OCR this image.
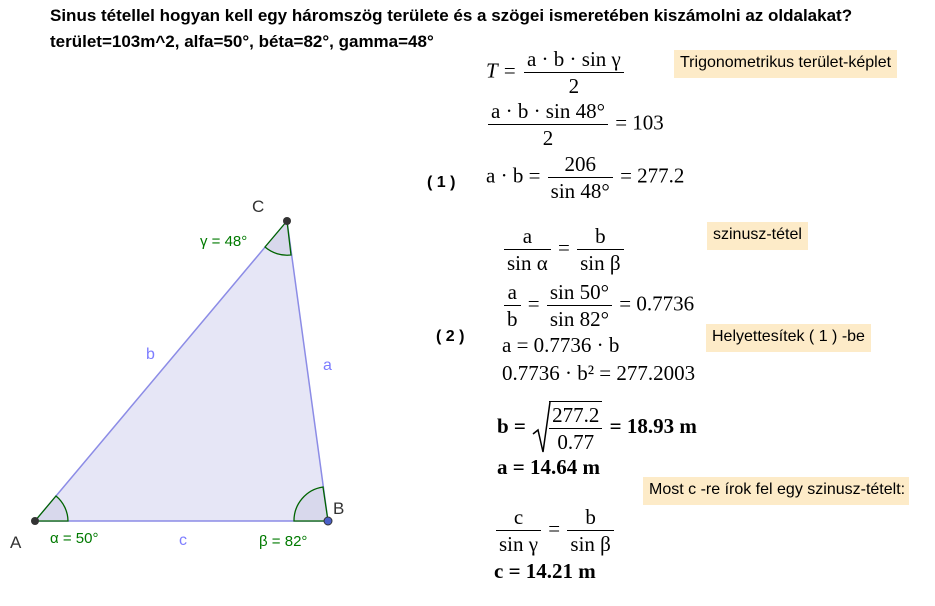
Sinus tétellel hogyan kell egy háromszög területe és a szögei ismeretében kiszámolni az oldalakat?
terület=103m^2, alfa=50°, béta=82°, gamma=48°
A
B
C
a
b
c
α = 50°	β = 82°
γ = 48°
( 1 )
( 2 )
$T = \frac{\text{a · b · sin γ}}{2}$
$\frac{a \cdot b \cdot \sin 48^\circ}{2} = 103$
$a \cdot b = \frac{206}{\sin 48^\circ} = 277.2$
$\frac{a}{\text{sin α}} = \frac{b}{\text{sin β}}$
$\frac{a}{b} = \frac{\sin 50^\circ}{\sin 82^\circ} = 0.7736$
a = 0.7736 · b
0.7736 · b² = 277.2003
$b = \frac{277.2}{0.77} = 18.93$ m
a = 14.64 m
$\frac{c}{\text{sin γ}} = \frac{b}{\text{sin β}}$
c = 14.21 m
Trigonometrikus terület-képlet
szinusz-tétel
Helyettesítek ( 1 ) -be
Most c -re írok fel egy szinusz-tételt:
